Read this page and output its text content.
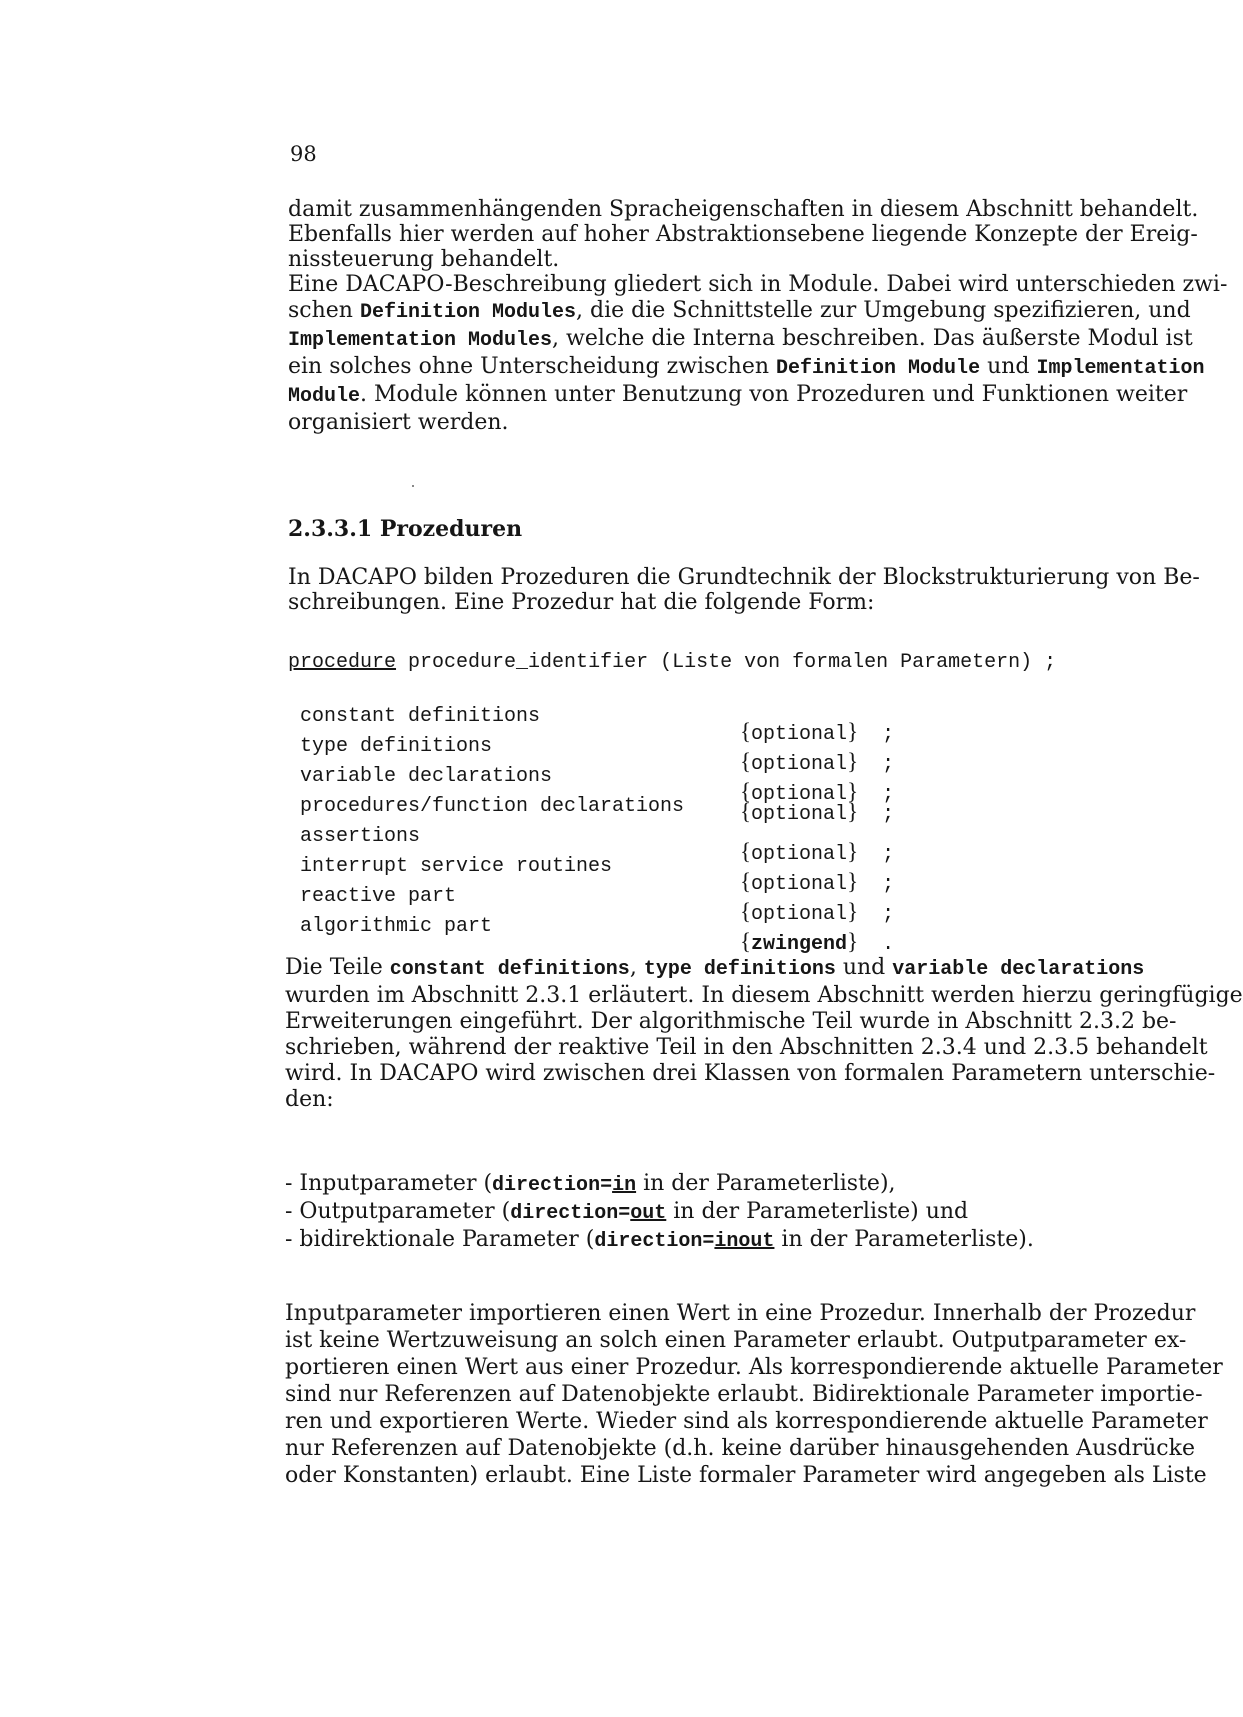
98
damit zusammenhängenden Spracheigenschaften in diesem Abschnitt behandelt.
Ebenfalls hier werden auf hoher Abstraktionsebene liegende Konzepte der Ereig-
nissteuerung behandelt.
Eine DACAPO-Beschreibung gliedert sich in Module. Dabei wird unterschieden zwi-
schen Definition Modules, die die Schnittstelle zur Umgebung spezifizieren, und
Implementation Modules, welche die Interna beschreiben. Das äußerste Modul ist
ein solches ohne Unterscheidung zwischen Definition Module und Implementation
Module. Module können unter Benutzung von Prozeduren und Funktionen weiter
organisiert werden.
2.3.3.1 Prozeduren
In DACAPO bilden Prozeduren die Grundtechnik der Blockstrukturierung von Be-
schreibungen. Eine Prozedur hat die folgende Form:
procedure procedure_identifier (Liste von formalen Parametern) ;
constant definitions
{optional} ;
type definitions
{optional} ;
variable declarations
{optional} ;
procedures/function declarations {optional} ;
assertions
{optional} ;
interrupt service routines
{optional} ;
reactive part
{optional} ;
algorithmic part
{zwingend} .
Die Teile constant definitions, type definitions und variable declarations
wurden im Abschnitt 2.3.1 erläutert. In diesem Abschnitt werden hierzu geringfügige
Erweiterungen eingeführt. Der algorithmische Teil wurde in Abschnitt 2.3.2 be-
schrieben, während der reaktive Teil in den Abschnitten 2.3.4 und 2.3.5 behandelt
wird. In DACAPO wird zwischen drei Klassen von formalen Parametern unterschie-
den:
- Inputparameter (direction=in in der Parameterliste),
- Outputparameter (direction=out in der Parameterliste) und
- bidirektionale Parameter (direction=inout in der Parameterliste).
Inputparameter importieren einen Wert in eine Prozedur. Innerhalb der Prozedur
ist keine Wertzuweisung an solch einen Parameter erlaubt. Outputparameter ex-
portieren einen Wert aus einer Prozedur. Als korrespondierende aktuelle Parameter
sind nur Referenzen auf Datenobjekte erlaubt. Bidirektionale Parameter importie-
ren und exportieren Werte. Wieder sind als korrespondierende aktuelle Parameter
nur Referenzen auf Datenobjekte (d.h. keine darüber hinausgehenden Ausdrücke
oder Konstanten) erlaubt. Eine Liste formaler Parameter wird angegeben als Liste
